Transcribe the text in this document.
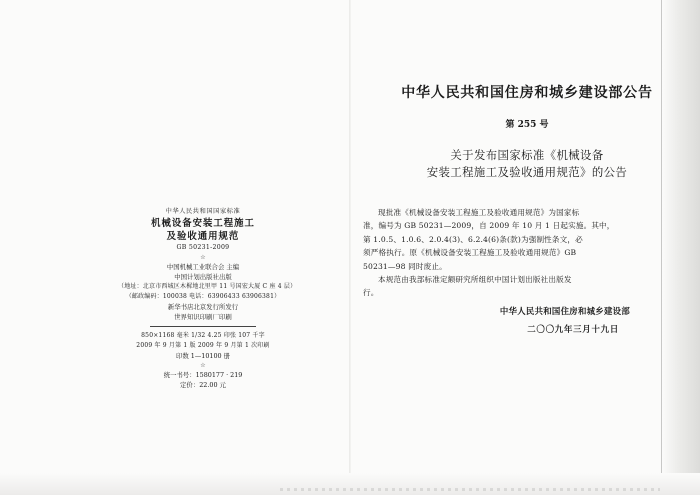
中华人民共和国国家标准
机械设备安装工程施工
及验收通用规范
GB 50231-2009
☆
中国机械工业联合会 主编
中国计划出版社出版
（地址：北京市西城区木樨地北里甲 11 号国宏大厦 C 座 4 层）
（邮政编码：100038 电话：63906433 63906381）
新华书店北京发行所发行
世界知识印刷厂印刷
850×1168 毫米 1/32 4.25 印张 107 千字
2009 年 9 月第 1 版 2009 年 9 月第 1 次印刷
印数 1—10100 册
☆
统一书号：1580177 · 219
定价：22.00 元
中华人民共和国住房和城乡建设部公告
第 255 号
关于发布国家标准《机械设备
安装工程施工及验收通用规范》的公告
现批准《机械设备安装工程施工及验收通用规范》为国家标
准，编号为 GB 50231—2009，自 2009 年 10 月 1 日起实施。其中，
第 1.0.5、1.0.6、2.0.4(3)、6.2.4(6)条(款)为强制性条文，必
须严格执行。原《机械设备安装工程施工及验收通用规范》GB
50231—98 同时废止。
本规范由我部标准定额研究所组织中国计划出版社出版发
行。
中华人民共和国住房和城乡建设部
二〇〇九年三月十九日
